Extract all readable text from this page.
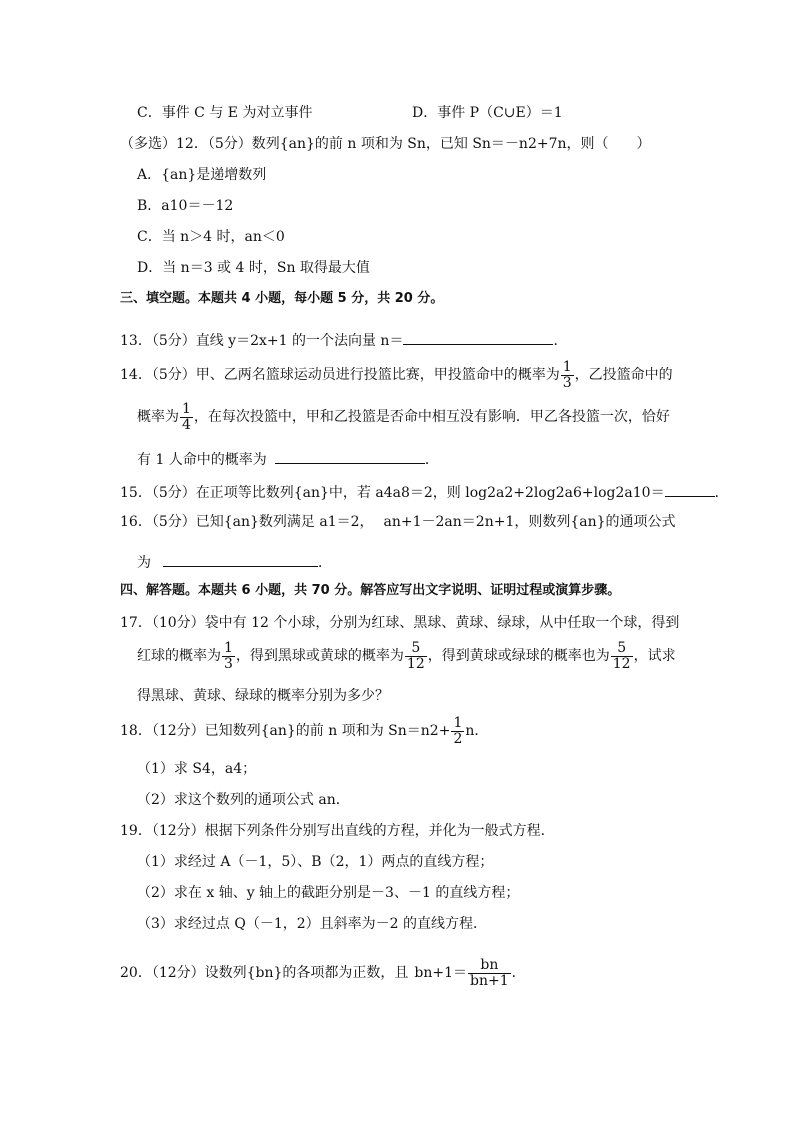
C．事件 C 与 E 为对立事件	D．事件 P（C∪E）＝1
（多选）12．（5分）数列{an}的前 n 项和为 Sn，已知 Sn＝－n2+7n，则（　　）
A．{an}是递增数列
B．a10＝－12
C．当 n＞4 时，an＜0
D．当 n＝3 或 4 时，Sn 取得最大值
三、填空题。本题共 4 小题，每小题 5 分，共 20 分。
13．（5分）直线 y＝2x+1 的一个法向量 n＝	．
14．（5分）甲、乙两名篮球运动员进行投篮比赛，甲投篮命中的概率为 $\frac{1}{3}$ ，乙投篮命中的
概率为 $\frac{1}{4}$ ，在每次投篮中，甲和乙投篮是否命中相互没有影响．甲乙各投篮一次，恰好
有 1 人命中的概率为	．
15．（5分）在正项等比数列{an}中，若 a4a8＝2，则 log2a2+2log2a6+log2a10＝	．
16．（5分）已知{an}数列满足 a1＝2， an+1－2an＝2n+1，则数列{an}的通项公式
为	．
四、解答题。本题共 6 小题，共 70 分。解答应写出文字说明、证明过程或演算步骤。
17．（10分）袋中有 12 个小球，分别为红球、黑球、黄球、绿球，从中任取一个球，得到
红球的概率为 $\frac{1}{3}$ ，得到黑球或黄球的概率为 $\frac{5}{12}$ ，得到黄球或绿球的概率也为 $\frac{5}{12}$ ，试求
得黑球、黄球、绿球的概率分别为多少？
18．（12分）已知数列{an}的前 n 项和为 $Sn=n2+ \frac{1}{2}$ n．
（1）求 S4，a4；
（2）求这个数列的通项公式 an．
19．（12分）根据下列条件分别写出直线的方程，并化为一般式方程．
（1）求经过 A（－1，5）、B（2，1）两点的直线方程；
（2）求在 x 轴、y 轴上的截距分别是－3、－1 的直线方程；
（3）求经过点 Q（－1，2）且斜率为－2 的直线方程．
20．（12分）设数列{bn}的各项都为正数，且 $bn+1= \frac{bn}{bn+1}$ ．
